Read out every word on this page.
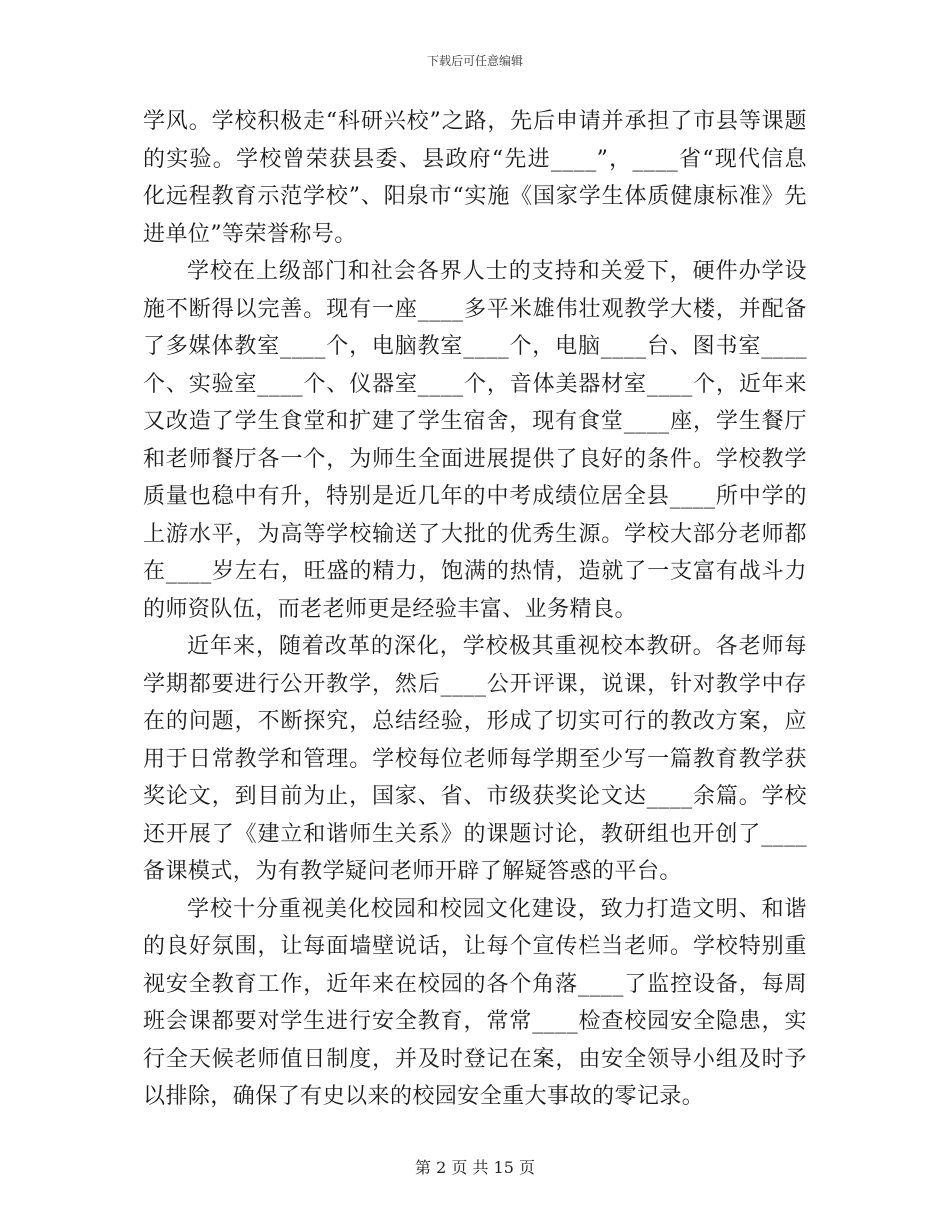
下载后可任意编辑

学风。学校积极走“科研兴校”之路，先后申请并承担了市县等课题的实验。学校曾荣获县委、县政府“先进____”，____省“现代信息化远程教育示范学校”、阳泉市“实施《国家学生体质健康标准》先进单位”等荣誉称号。

学校在上级部门和社会各界人士的支持和关爱下，硬件办学设施不断得以完善。现有一座____多平米雄伟壮观教学大楼，并配备了多媒体教室____个，电脑教室____个，电脑____台、图书室____个、实验室____个、仪器室____个，音体美器材室____个，近年来又改造了学生食堂和扩建了学生宿舍，现有食堂____座，学生餐厅和老师餐厅各一个，为师生全面进展提供了良好的条件。学校教学质量也稳中有升，特别是近几年的中考成绩位居全县____所中学的上游水平，为高等学校输送了大批的优秀生源。学校大部分老师都在____岁左右，旺盛的精力，饱满的热情，造就了一支富有战斗力的师资队伍，而老老师更是经验丰富、业务精良。

近年来，随着改革的深化，学校极其重视校本教研。各老师每学期都要进行公开教学，然后____公开评课，说课，针对教学中存在的问题，不断探究，总结经验，形成了切实可行的教改方案，应用于日常教学和管理。学校每位老师每学期至少写一篇教育教学获奖论文，到目前为止，国家、省、市级获奖论文达____余篇。学校还开展了《建立和谐师生关系》的课题讨论，教研组也开创了____备课模式，为有教学疑问老师开辟了解疑答惑的平台。

学校十分重视美化校园和校园文化建设，致力打造文明、和谐的良好氛围，让每面墙壁说话，让每个宣传栏当老师。学校特别重视安全教育工作，近年来在校园的各个角落____了监控设备，每周班会课都要对学生进行安全教育，常常____检查校园安全隐患，实行全天候老师值日制度，并及时登记在案，由安全领导小组及时予以排除，确保了有史以来的校园安全重大事故的零记录。

第 2 页 共 15 页
